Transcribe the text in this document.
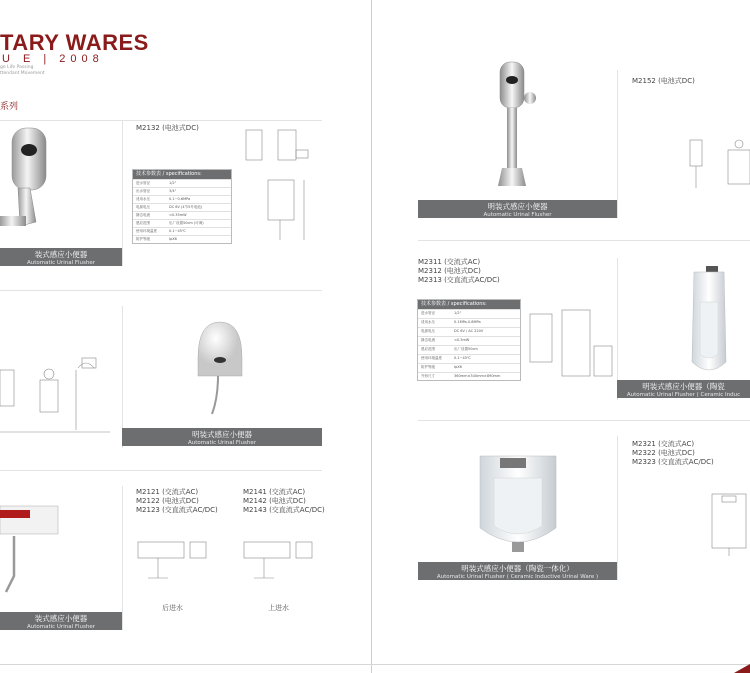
TARY WARES
U E | 2008
ge Life Passing
ttendant Movement
系列
M2132 (电池式DC)
技术参数表 / specifications:
进水管径	1/2"
出水管径	3/4"
适用水压	0.1~0.6MPa
电源电压	DC 6V (4节5号电池)
静态电流	<0.35mW
感应范围	出厂设置50cm (可调)
使用环境温度	0.1~45℃
防护等级	IpX6
装式感应小便器
Automatic Urinal Flusher
明装式感应小便器
Automatic Urinal Flusher
M2121 (交流式AC)
M2122 (电池式DC)
M2123 (交直流式AC/DC)
M2141 (交流式AC)
M2142 (电池式DC)
M2143 (交直流式AC/DC)
后进水	上进水
装式感应小便器
Automatic Urinal Flusher
M2152 (电池式DC)
明装式感应小便器
Automatic Urinal Flusher
M2311 (交流式AC)
M2312 (电池式DC)
M2313 (交直流式AC/DC)
技术参数表 / specifications:
进水管径	1/2"
适用水压	0.1MPa-0.8MPa
电源电压	DC 6V / AC 220V
静态电流	<0.3mW
感应范围	出厂设置50cm
使用环境温度	0.1~45℃
防护等级	IpX6
外形尺寸	360mm×340mm×890mm
明装式感应小便器（陶瓷
Automatic Urinal Flusher ( Ceramic Induc
M2321 (交流式AC)
M2322 (电池式DC)
M2323 (交直流式AC/DC)
明装式感应小便器（陶瓷一体化）
Automatic Urinal Flusher ( Ceramic Inductive Urinal Ware )
